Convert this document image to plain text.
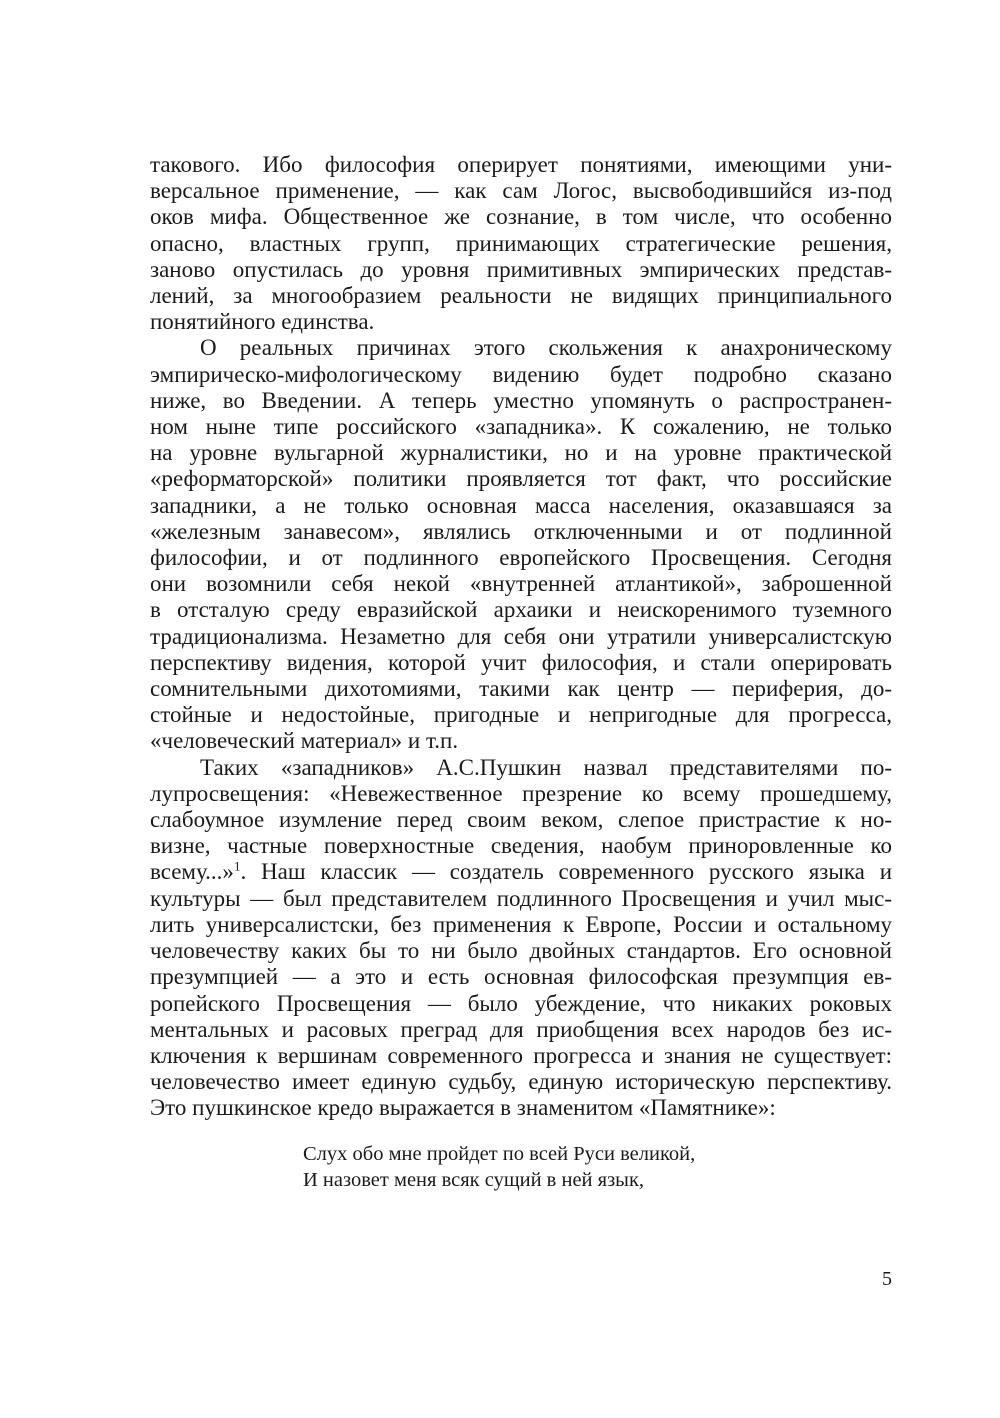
такового. Ибо философия оперирует понятиями, имеющими уни-
версальное применение, — как сам Логос, высвободившийся из-под
оков мифа. Общественное же сознание, в том числе, что особенно
опасно, властных групп, принимающих стратегические решения,
заново опустилась до уровня примитивных эмпирических представ-
лений, за многообразием реальности не видящих принципиального
понятийного единства.
О реальных причинах этого скольжения к анахроническому
эмпирическо-мифологическому видению будет подробно сказано
ниже, во Введении. А теперь уместно упомянуть о распространен-
ном ныне типе российского «западника». К сожалению, не только
на уровне вульгарной журналистики, но и на уровне практической
«реформаторской» политики проявляется тот факт, что российские
западники, а не только основная масса населения, оказавшаяся за
«железным занавесом», являлись отключенными и от подлинной
философии, и от подлинного европейского Просвещения. Сегодня
они возомнили себя некой «внутренней атлантикой», заброшенной
в отсталую среду евразийской архаики и неискоренимого туземного
традиционализма. Незаметно для себя они утратили универсалистскую
перспективу видения, которой учит философия, и стали оперировать
сомнительными дихотомиями, такими как центр — периферия, до-
стойные и недостойные, пригодные и непригодные для прогресса,
«человеческий материал» и т.п.
Таких «западников» А.С.Пушкин назвал представителями по-
лупросвещения: «Невежественное презрение ко всему прошедшему,
слабоумное изумление перед своим веком, слепое пристрастие к но-
визне, частные поверхностные сведения, наобум приноровленные ко
всему...»$^1$. Наш классик — создатель современного русского языка и
культуры — был представителем подлинного Просвещения и учил мыс-
лить универсалистски, без применения к Европе, России и остальному
человечеству каких бы то ни было двойных стандартов. Его основной
презумпцией — а это и есть основная философская презумпция ев-
ропейского Просвещения — было убеждение, что никаких роковых
ментальных и расовых преград для приобщения всех народов без ис-
ключения к вершинам современного прогресса и знания не существует:
человечество имеет единую судьбу, единую историческую перспективу.
Это пушкинское кредо выражается в знаменитом «Памятнике»:
Слух обо мне пройдет по всей Руси великой,
И назовет меня всяк сущий в ней язык,
5
